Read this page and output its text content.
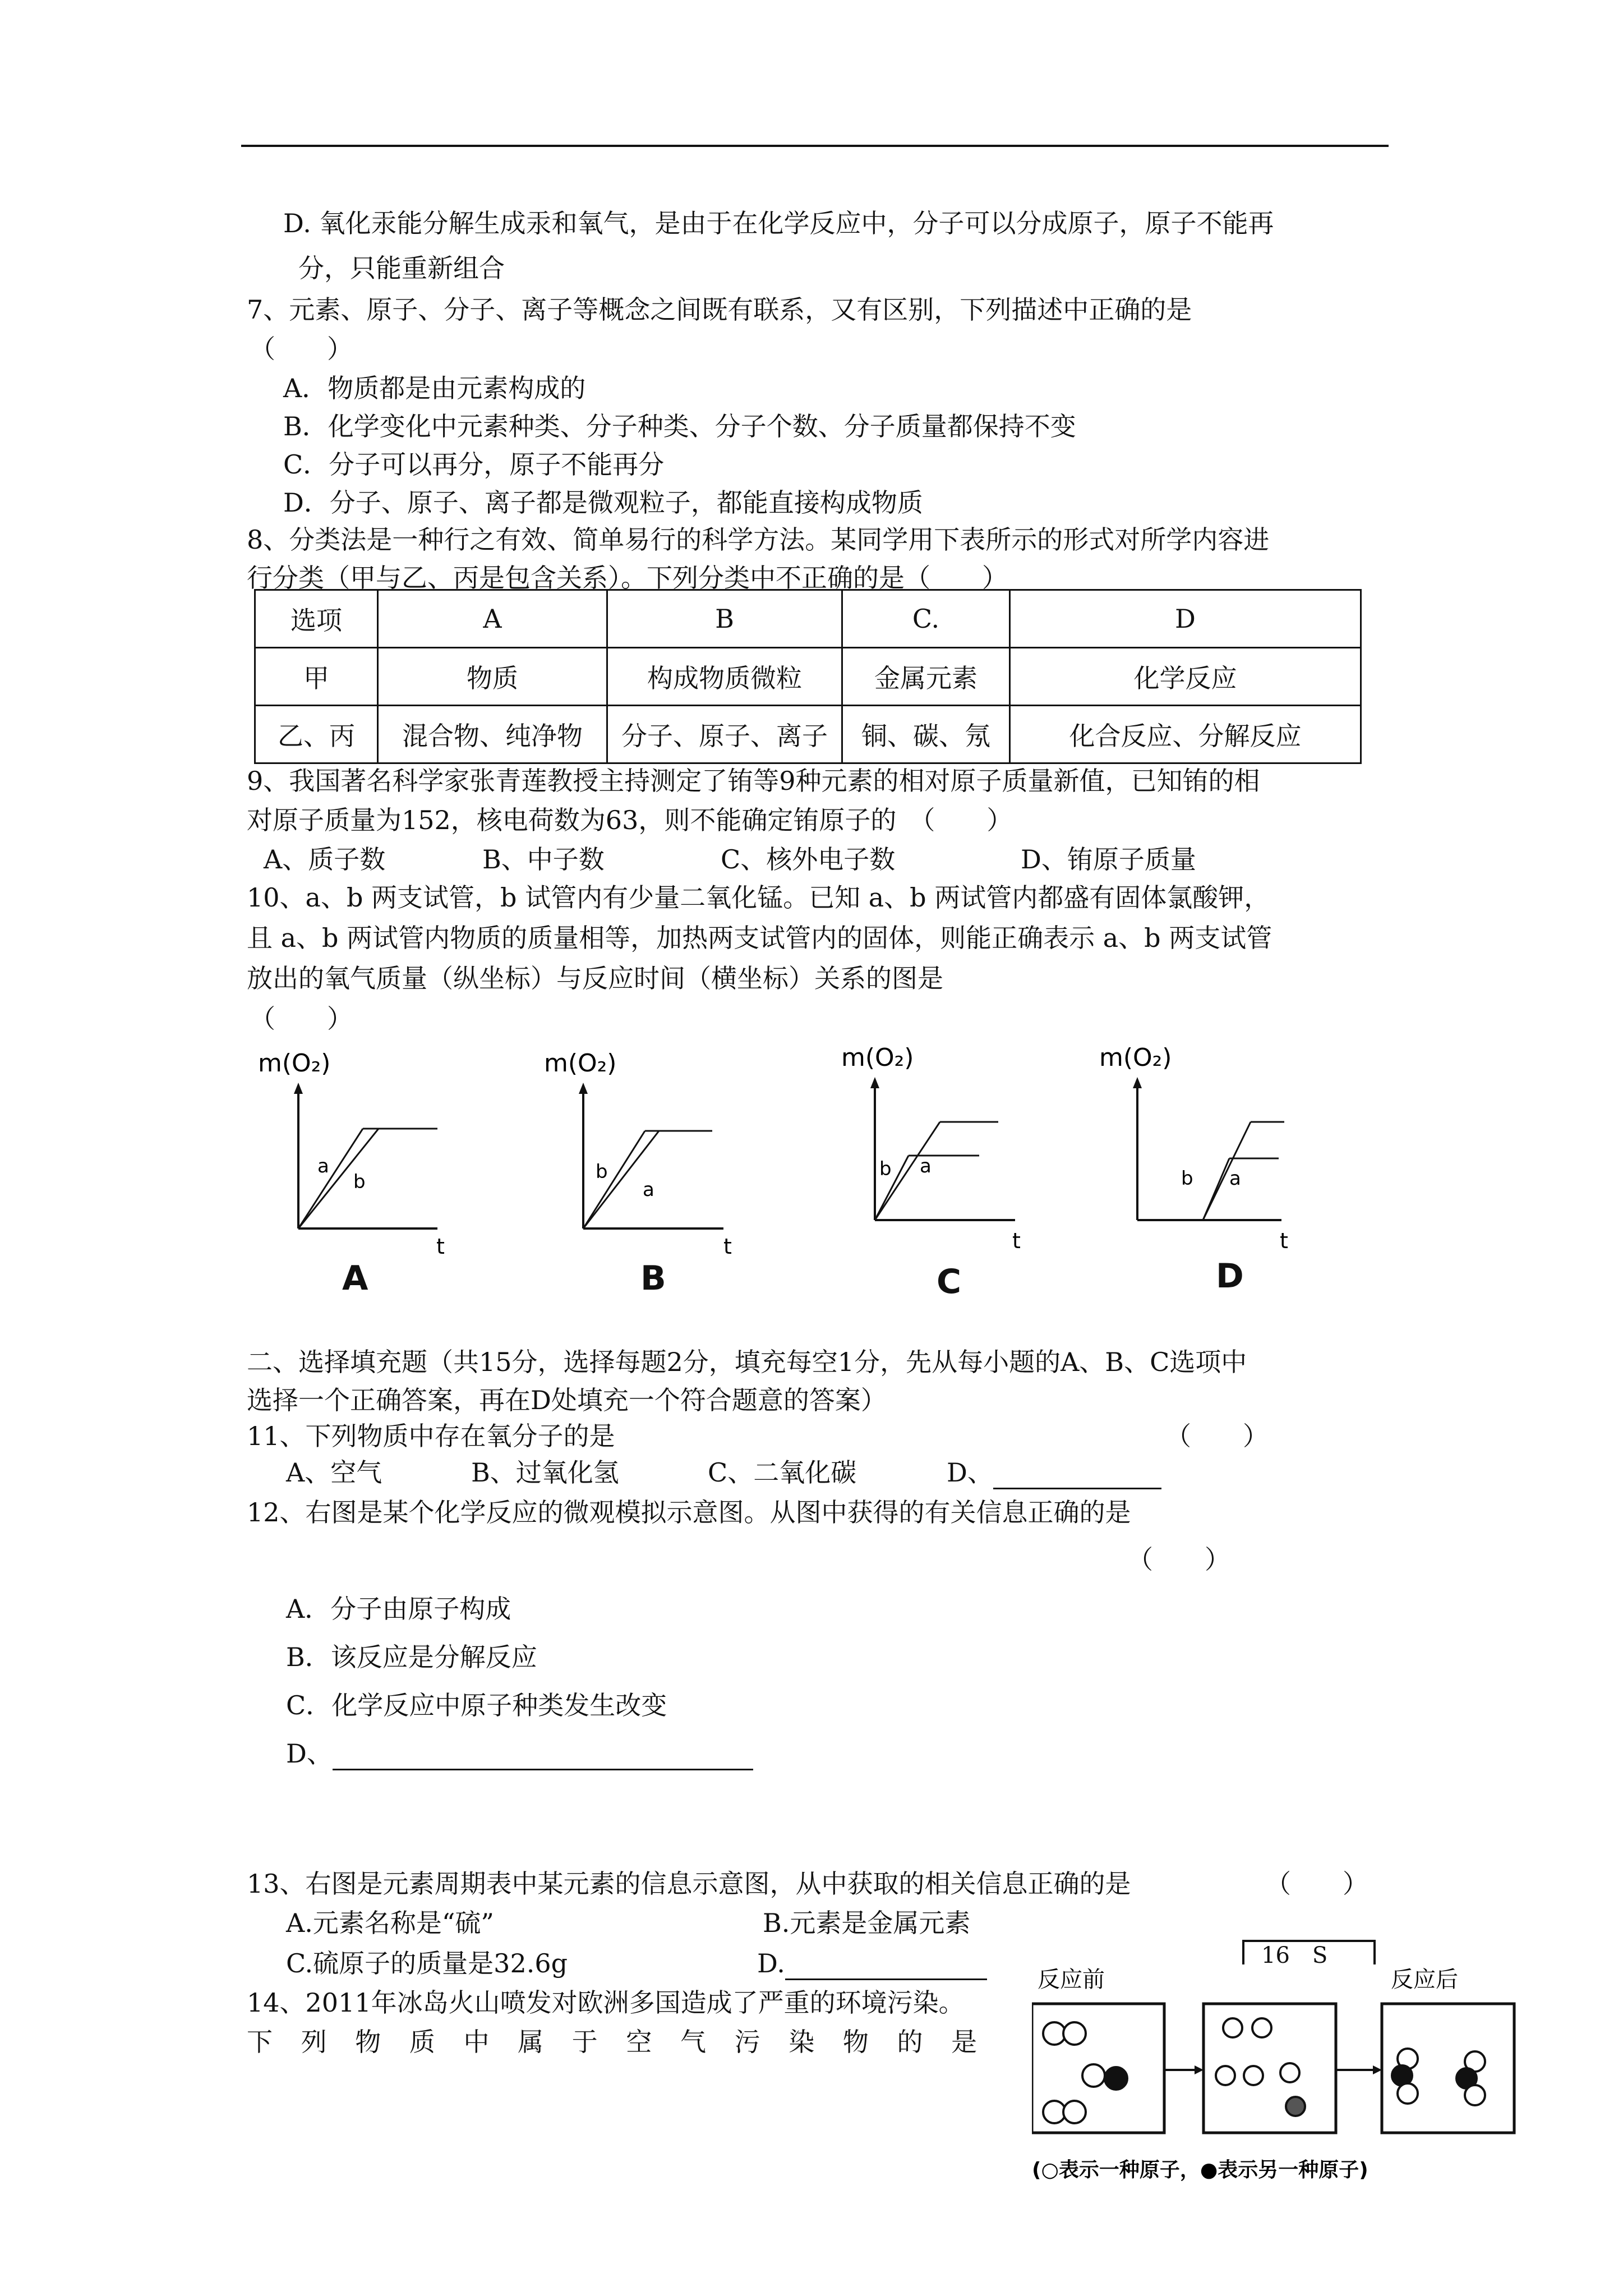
D. 氧化汞能分解生成汞和氧气，是由于在化学反应中，分子可以分成原子，原子不能再
分，只能重新组合
7、元素、原子、分子、离子等概念之间既有联系，又有区别，下列描述中正确的是
（　　）
A．物质都是由元素构成的
B．化学变化中元素种类、分子种类、分子个数、分子质量都保持不变
C．分子可以再分，原子不能再分
D．分子、原子、离子都是微观粒子，都能直接构成物质
8、分类法是一种行之有效、简单易行的科学方法。某同学用下表所示的形式对所学内容进
行分类（甲与乙、丙是包含关系）。下列分类中不正确的是（　　）
选项	A	B	C.	D
甲	物质	构成物质微粒	金属元素	化学反应
乙、丙	混合物、纯净物	分子、原子、离子	铜、碳、氖	化合反应、分解反应
9、我国著名科学家张青莲教授主持测定了铕等9种元素的相对原子质量新值，已知铕的相
对原子质量为152，核电荷数为63，则不能确定铕原子的　（　　）
A、质子数	B、中子数	C、核外电子数	D、铕原子质量
10、a、b 两支试管，b 试管内有少量二氧化锰。已知 a、b 两试管内都盛有固体氯酸钾，
且 a、b 两试管内物质的质量相等，加热两支试管内的固体，则能正确表示 a、b 两支试管
放出的氧气质量（纵坐标）与反应时间（横坐标）关系的图是
（　　）
m(O₂)
a
b
t
A
m(O₂)
b
a
t
B
m(O₂)
b a
t
C
m(O₂)
b a
t
D
二、选择填充题（共15分，选择每题2分，填充每空1分，先从每小题的A、B、C选项中
选择一个正确答案，再在D处填充一个符合题意的答案）
11、下列物质中存在氧分子的是	（　　）
A、空气	B、过氧化氢	C、二氧化碳	D、
12、右图是某个化学反应的微观模拟示意图。从图中获得的有关信息正确的是
（　　）
A．分子由原子构成
B．该反应是分解反应
C．化学反应中原子种类发生改变
D、
13、右图是元素周期表中某元素的信息示意图，从中获取的相关信息正确的是	（　　）
16　S
A.元素名称是“硫”	B.元素是金属元素
C.硫原子的质量是32.6g	D.
14、2011年冰岛火山喷发对欧洲多国造成了严重的环境污染。
下 列 物 质 中 属 于 空 气 污 染 物 的 是
反应前	反应后
(○表示一种原子，●表示另一种原子)
